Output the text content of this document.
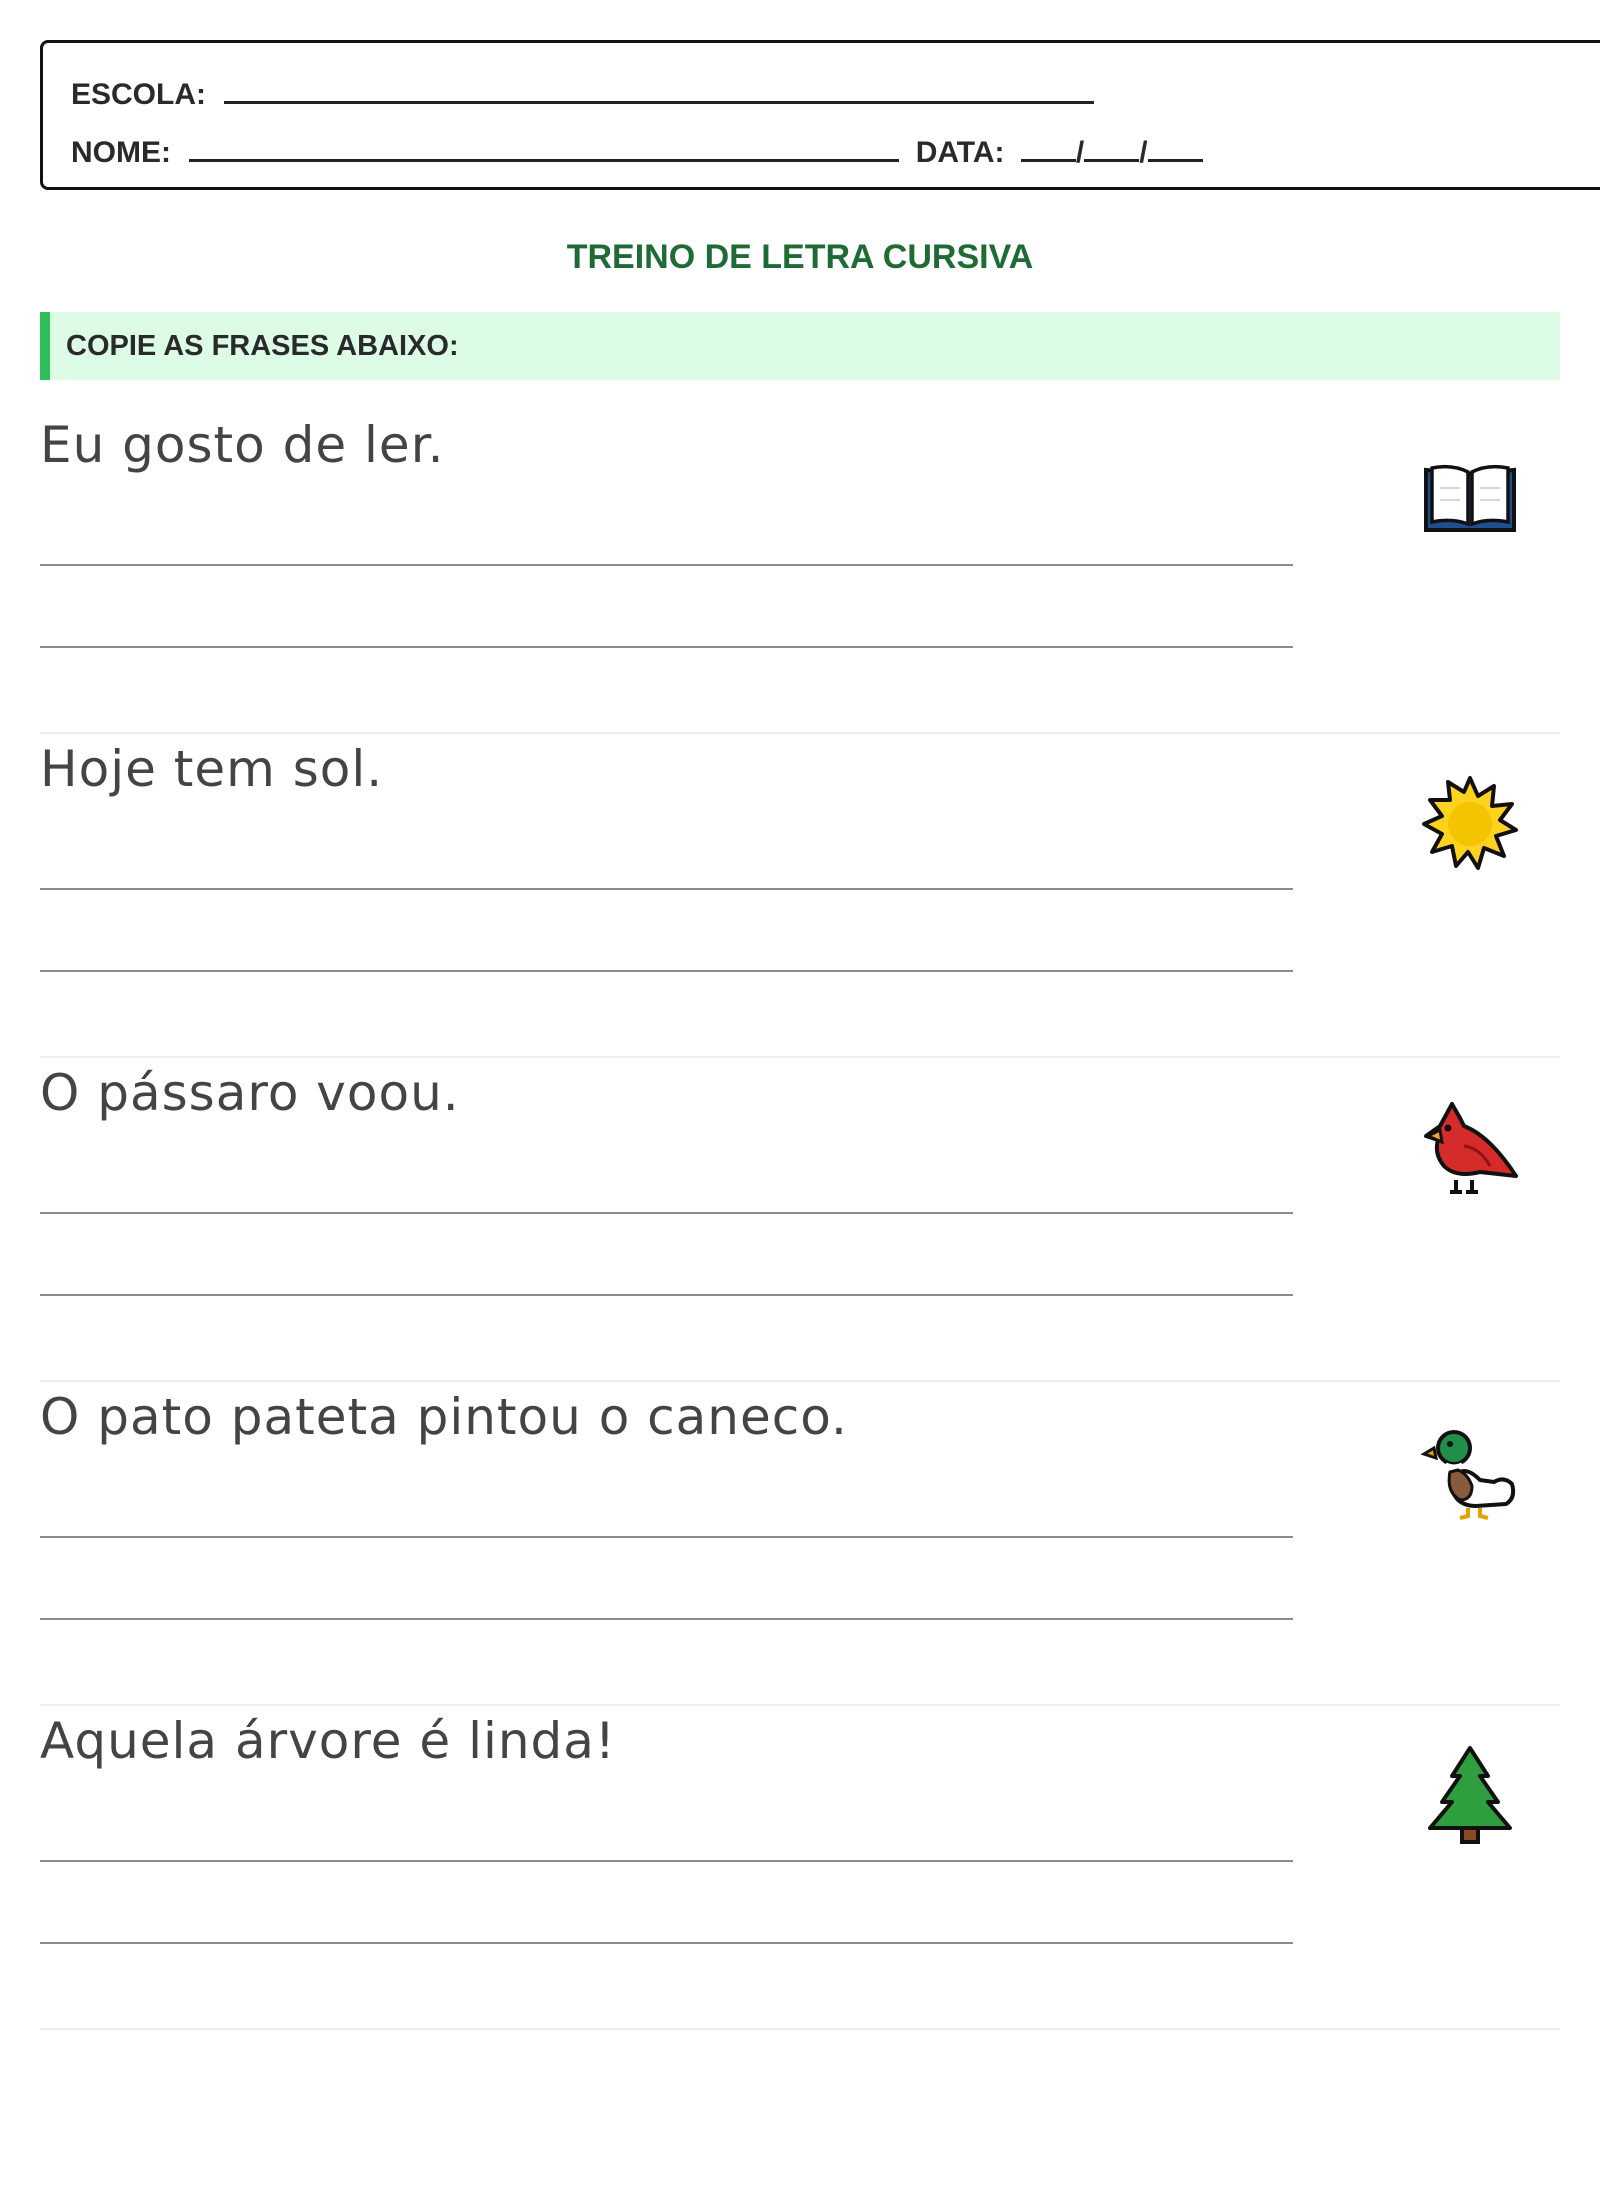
ESCOLA:
NOME:	DATA: / /
TREINO DE LETRA CURSIVA
COPIE AS FRASES ABAIXO:
Eu gosto de ler.
Hoje tem sol.
O pássaro voou.
O pato pateta pintou o caneco.
Aquela árvore é linda!
